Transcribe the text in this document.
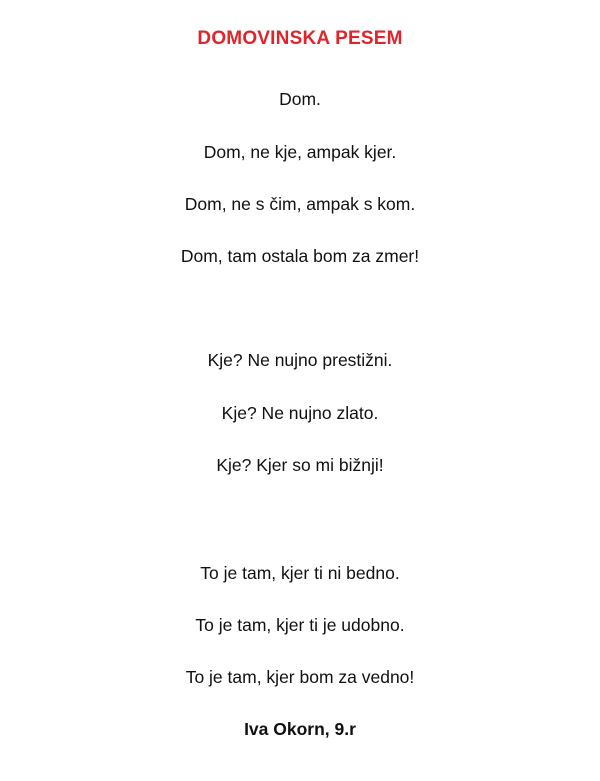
DOMOVINSKA PESEM
Dom.
Dom, ne kje, ampak kjer.
Dom, ne s čim, ampak s kom.
Dom, tam ostala bom za zmer!
Kje? Ne nujno prestižni.
Kje? Ne nujno zlato.
Kje? Kjer so mi bižnji!
To je tam, kjer ti ni bedno.
To je tam, kjer ti je udobno.
To je tam, kjer bom za vedno!
Iva Okorn, 9.r
